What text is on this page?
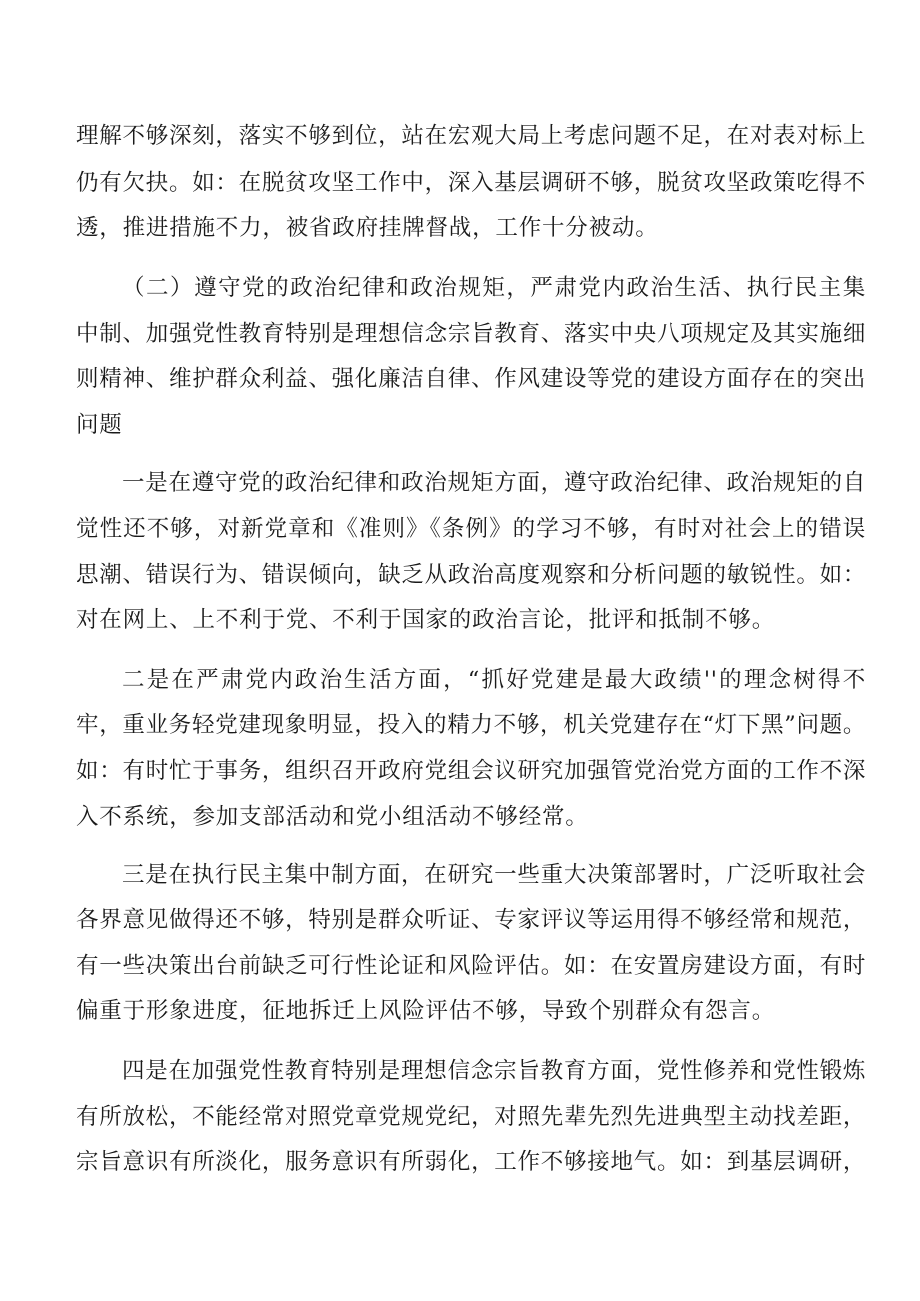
理解不够深刻，落实不够到位，站在宏观大局上考虑问题不足，在对表对标上
仍有欠抉。如：在脱贫攻坚工作中，深入基层调研不够，脱贫攻坚政策吃得不
透，推进措施不力，被省政府挂牌督战，工作十分被动。
（二）遵守党的政治纪律和政治规矩，严肃党内政治生活、执行民主集
中制、加强党性教育特别是理想信念宗旨教育、落实中央八项规定及其实施细
则精神、维护群众利益、强化廉洁自律、作风建设等党的建设方面存在的突出
问题
一是在遵守党的政治纪律和政治规矩方面，遵守政治纪律、政治规矩的自
觉性还不够，对新党章和《准则》《条例》的学习不够，有时对社会上的错误
思潮、错误行为、错误倾向，缺乏从政治高度观察和分析问题的敏锐性。如：
对在网上、上不利于党、不利于国家的政治言论，批评和抵制不够。
二是在严肃党内政治生活方面，“抓好党建是最大政绩''的理念树得不
牢，重业务轻党建现象明显，投入的精力不够，机关党建存在“灯下黑”问题。
如：有时忙于事务，组织召开政府党组会议研究加强管党治党方面的工作不深
入不系统，参加支部活动和党小组活动不够经常。
三是在执行民主集中制方面，在研究一些重大决策部署时，广泛听取社会
各界意见做得还不够，特别是群众听证、专家评议等运用得不够经常和规范，
有一些决策出台前缺乏可行性论证和风险评估。如：在安置房建设方面，有时
偏重于形象进度，征地拆迁上风险评估不够，导致个别群众有怨言。
四是在加强党性教育特别是理想信念宗旨教育方面，党性修养和党性锻炼
有所放松，不能经常对照党章党规党纪，对照先辈先烈先进典型主动找差距，
宗旨意识有所淡化，服务意识有所弱化，工作不够接地气。如：到基层调研，
